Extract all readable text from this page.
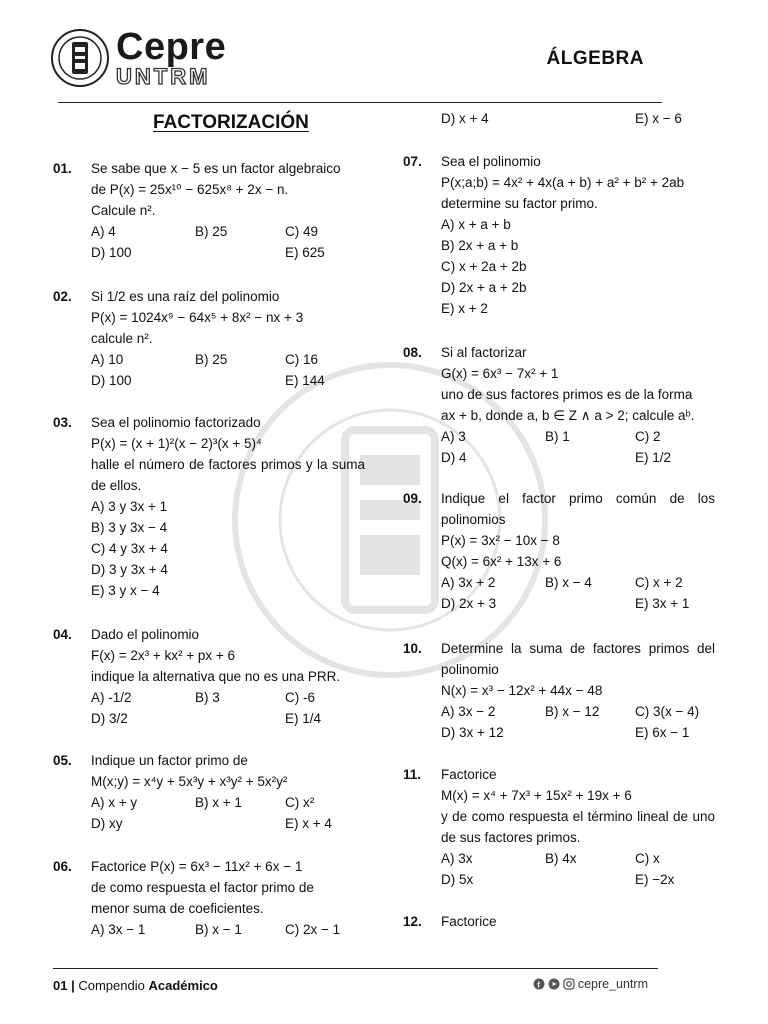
Cepre
UNTRM
ÁLGEBRA
FACTORIZACIÓN
01. Se sabe que x − 5 es un factor algebraico
de P(x) = 25x¹⁰ − 625x⁸ + 2x − n.
Calcule n².
A) 4	B) 25	C) 49
D) 100	E) 625
02. Si 1/2 es una raíz del polinomio
P(x) = 1024x⁹ − 64x⁵ + 8x² − nx + 3
calcule n².
A) 10	B) 25	C) 16
D) 100	E) 144
03. Sea el polinomio factorizado
P(x) = (x + 1)²(x − 2)³(x + 5)⁴
halle el número de factores primos y la suma de ellos.
A) 3 y 3x + 1
B) 3 y 3x − 4
C) 4 y 3x + 4
D) 3 y 3x + 4
E) 3 y x − 4
04. Dado el polinomio
F(x) = 2x³ + kx² + px + 6
indique la alternativa que no es una PRR.
A) -1/2	B) 3	C) -6
D) 3/2	E) 1/4
05. Indique un factor primo de
M(x;y) = x⁴y + 5x³y + x³y² + 5x²y²
A) x + y	B) x + 1	C) x²
D) xy	E) x + 4
06. Factorice P(x) = 6x³ − 11x² + 6x − 1
de como respuesta el factor primo de
menor suma de coeficientes.
A) 3x − 1	B) x − 1	C) 2x − 1
D) x + 4	E) x − 6
07. Sea el polinomio
P(x;a;b) = 4x² + 4x(a + b) + a² + b² + 2ab
determine su factor primo.
A) x + a + b
B) 2x + a + b
C) x + 2a + 2b
D) 2x + a + 2b
E) x + 2
08. Si al factorizar
G(x) = 6x³ − 7x² + 1
uno de sus factores primos es de la forma
ax + b, donde a, b ∈ Z ∧ a > 2; calcule aᵇ.
A) 3	B) 1	C) 2
D) 4	E) 1/2
09. Indique el factor primo común de los polinomios
P(x) = 3x² − 10x − 8
Q(x) = 6x² + 13x + 6
A) 3x + 2	B) x − 4	C) x + 2
D) 2x + 3	E) 3x + 1
10. Determine la suma de factores primos del polinomio
N(x) = x³ − 12x² + 44x − 48
A) 3x − 2	B) x − 12	C) 3(x − 4)
D) 3x + 12	E) 6x − 1
11. Factorice
M(x) = x⁴ + 7x³ + 15x² + 19x + 6
y de como respuesta el término lineal de uno de sus factores primos.
A) 3x	B) 4x	C) x
D) 5x	E) −2x
12. Factorice
01 | Compendio Académico	f	cepre_untrm
